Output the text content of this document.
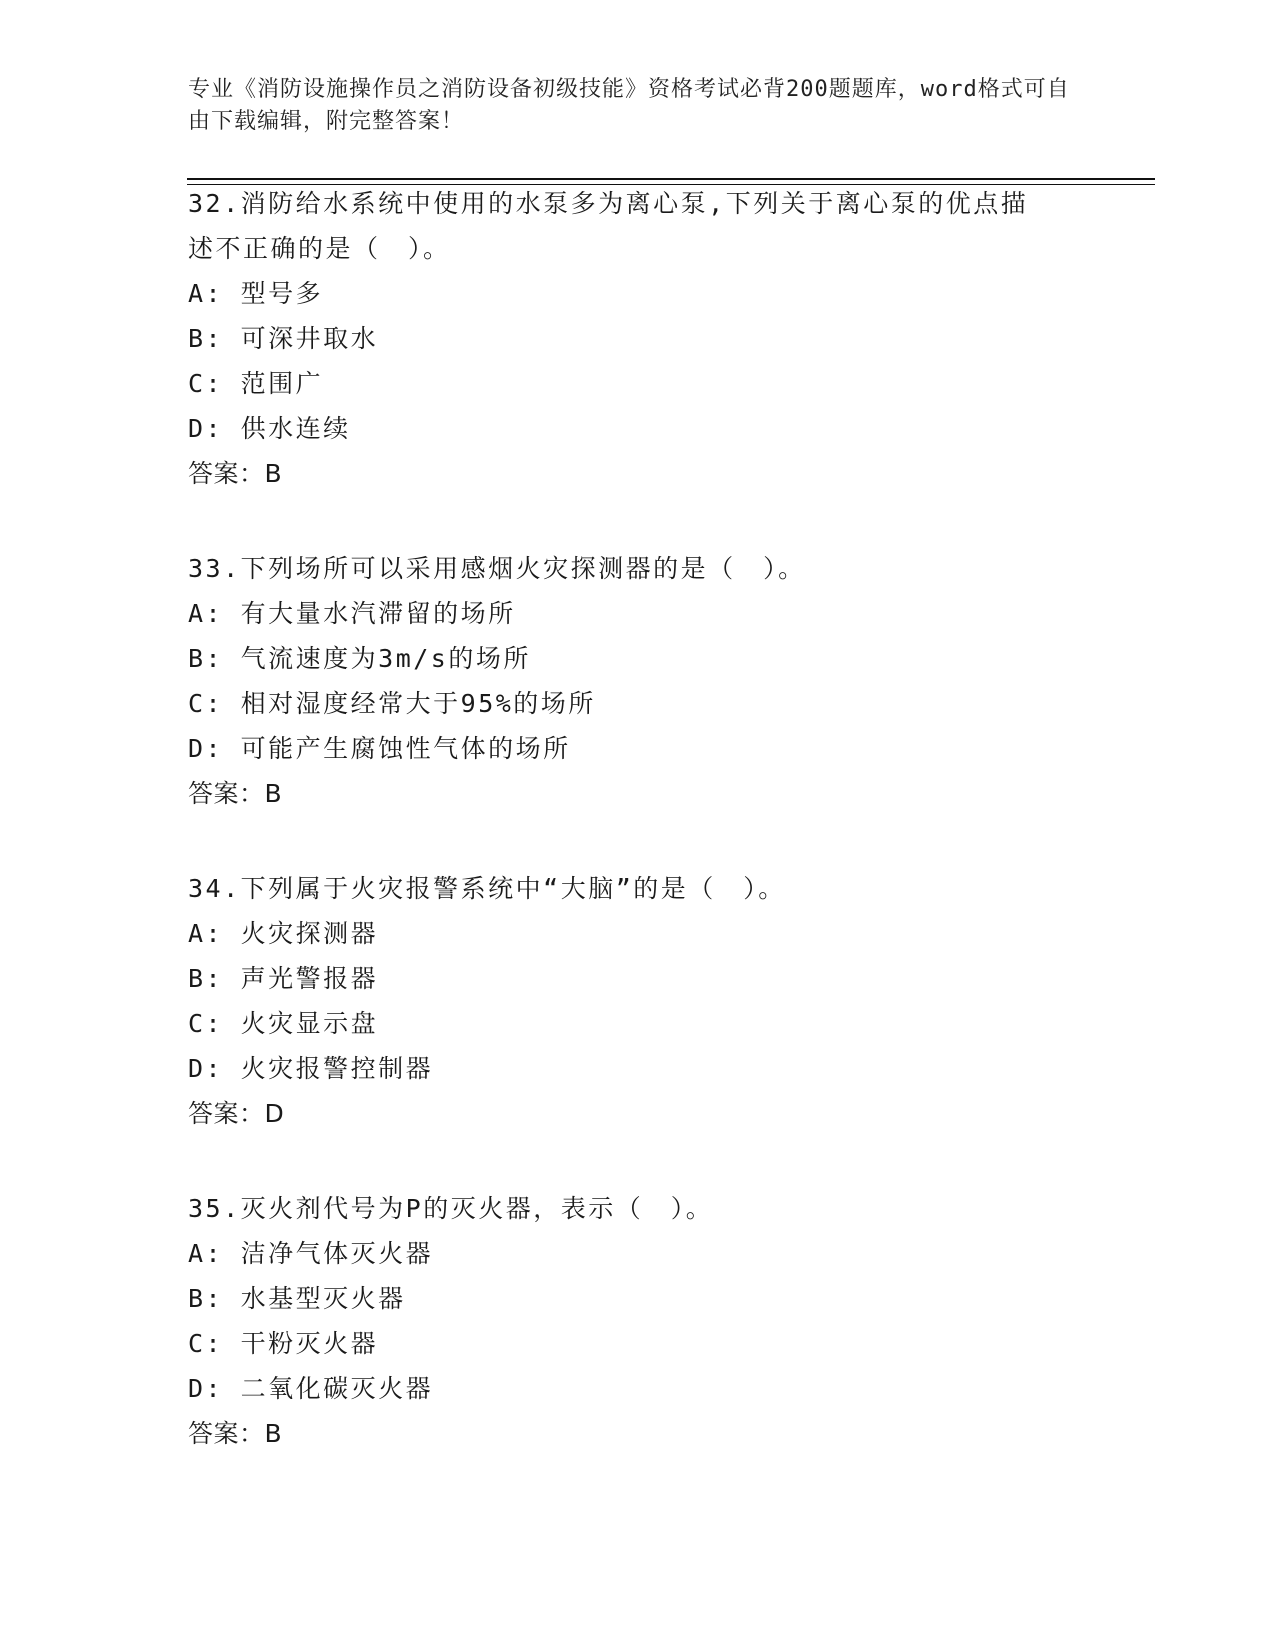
专业《消防设施操作员之消防设备初级技能》资格考试必背200题题库，word格式可自由下载编辑，附完整答案！

32.消防给水系统中使用的水泵多为离心泵,下列关于离心泵的优点描述不正确的是（　）。

A: 型号多

B: 可深井取水

C: 范围广

D: 供水连续

答案：B

33.下列场所可以采用感烟火灾探测器的是（　）。

A: 有大量水汽滞留的场所

B: 气流速度为3m/s的场所

C: 相对湿度经常大于95%的场所

D: 可能产生腐蚀性气体的场所

答案：B

34.下列属于火灾报警系统中“大脑”的是（　）。

A: 火灾探测器

B: 声光警报器

C: 火灾显示盘

D: 火灾报警控制器

答案：D

35.灭火剂代号为P的灭火器，表示（　）。

A: 洁净气体灭火器

B: 水基型灭火器

C: 干粉灭火器

D: 二氧化碳灭火器

答案：B
